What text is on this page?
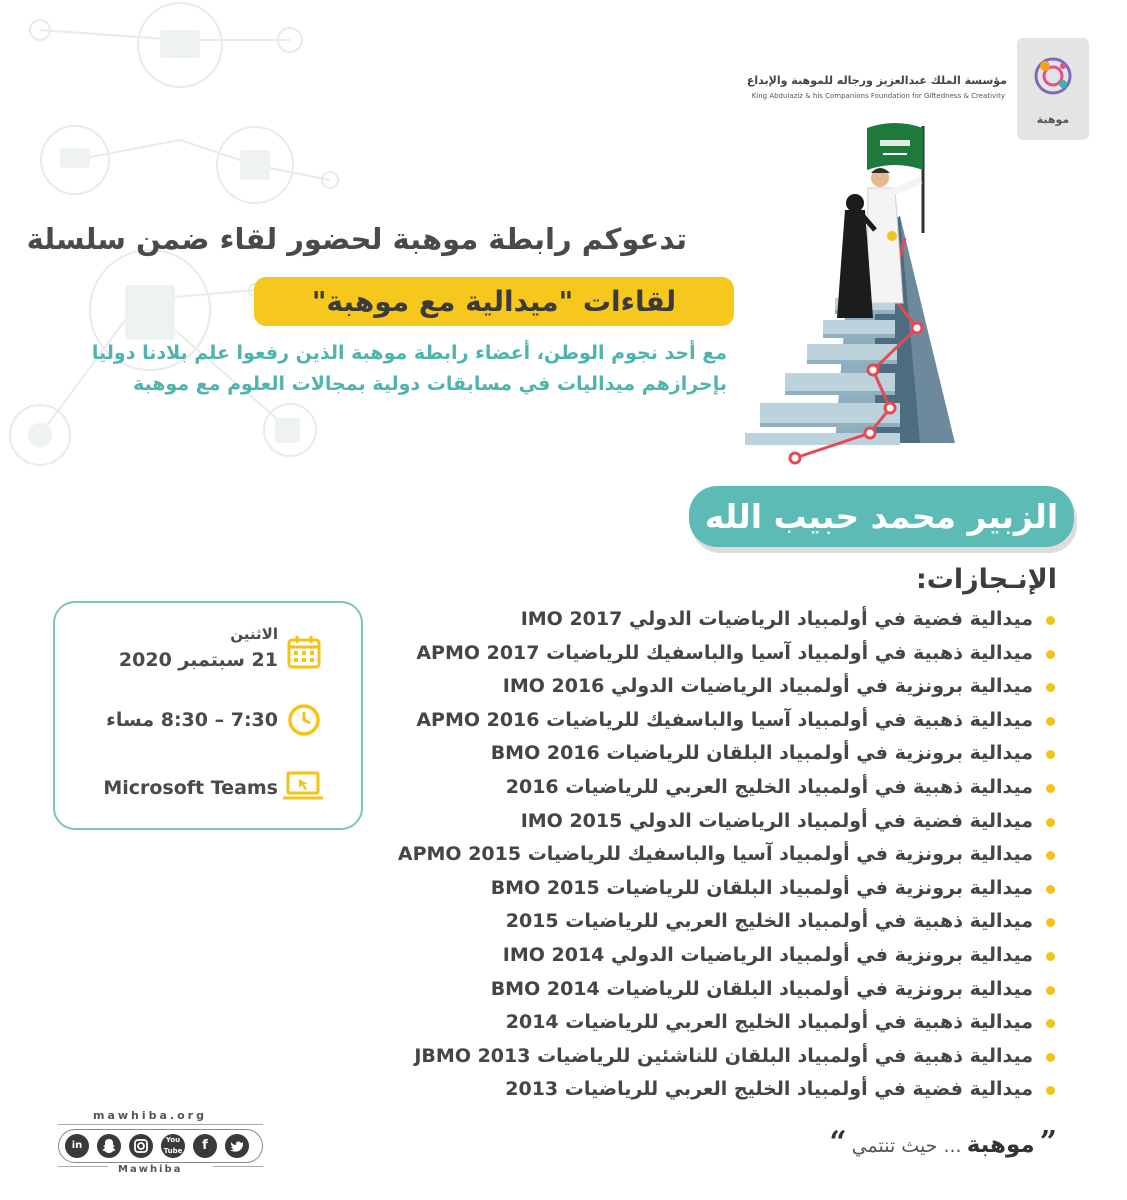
موهبة
مؤسسة الملك عبدالعزيز ورجاله للموهبة والإبداع
King Abdulaziz & his Companions Foundation for Giftedness & Creativity
تدعوكم رابطة موهبة لحضور لقاء ضمن سلسلة
لقاءات "ميدالية مع موهبة"
مع أحد نجوم الوطن، أعضاء رابطة موهبة الذين رفعوا علم بلادنا دوليا
بإحرازهم ميداليات في مسابقات دولية بمجالات العلوم مع موهبة
الزبير محمد حبيب الله
الإنـجازات:
ميدالية فضية في أولمبياد الرياضيات الدولي IMO 2017
ميدالية ذهبية في أولمبياد آسيا والباسفيك للرياضيات APMO 2017
ميدالية برونزية في أولمبياد الرياضيات الدولي IMO 2016
ميدالية ذهبية في أولمبياد آسيا والباسفيك للرياضيات APMO 2016
ميدالية برونزية في أولمبياد البلقان للرياضيات BMO 2016
ميدالية ذهبية في أولمبياد الخليج العربي للرياضيات 2016
ميدالية فضية في أولمبياد الرياضيات الدولي IMO 2015
ميدالية برونزية في أولمبياد آسيا والباسفيك للرياضيات APMO 2015
ميدالية برونزية في أولمبياد البلقان للرياضيات BMO 2015
ميدالية ذهبية في أولمبياد الخليج العربي للرياضيات 2015
ميدالية برونزية في أولمبياد الرياضيات الدولي IMO 2014
ميدالية برونزية في أولمبياد البلقان للرياضيات BMO 2014
ميدالية ذهبية في أولمبياد الخليج العربي للرياضيات 2014
ميدالية ذهبية في أولمبياد البلقان للناشئين للرياضيات JBMO 2013
ميدالية فضية في أولمبياد الخليج العربي للرياضيات 2013
الاثنين
21 سبتمبر 2020
7:30 – 8:30 مساء
Microsoft Teams
mawhiba.org
in	You
Tube	f
Mawhiba
” موهبة ... حيث تنتمي “
